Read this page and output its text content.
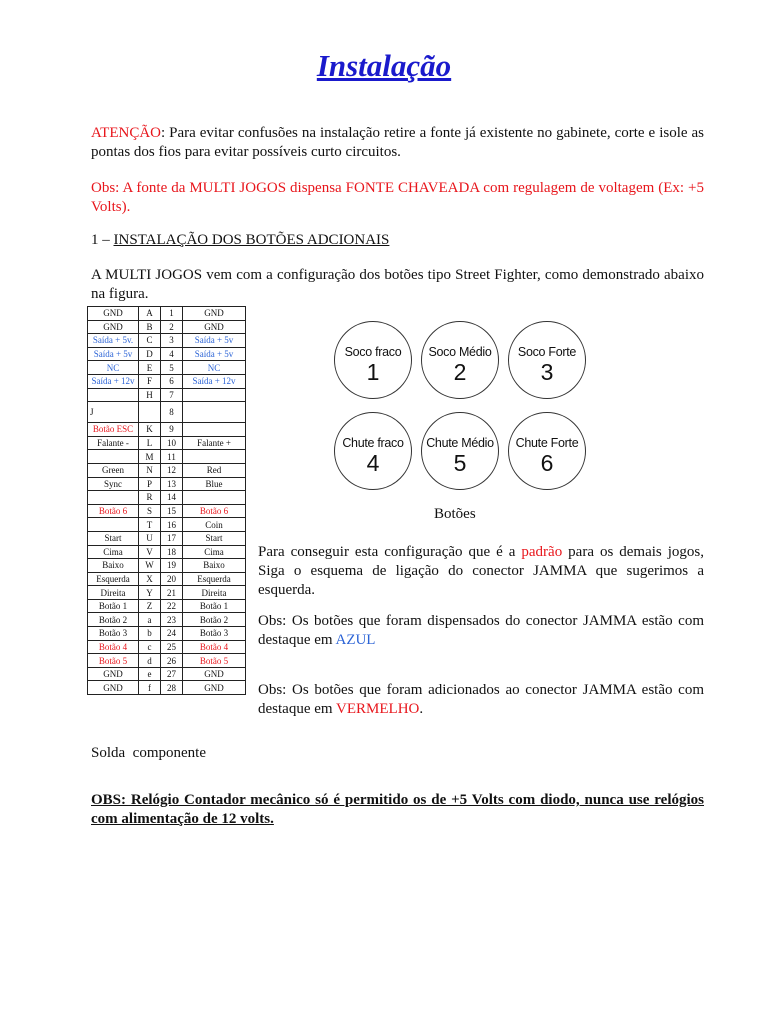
Instalação
ATENÇÃO: Para evitar confusões na instalação retire a fonte já existente no gabinete, corte e isole as pontas dos fios para evitar possíveis curto circuitos.
Obs: A fonte da MULTI JOGOS dispensa FONTE CHAVEADA com regulagem de voltagem (Ex: +5 Volts).
1 – INSTALAÇÃO DOS BOTÕES ADCIONAIS
A MULTI JOGOS vem com a configuração dos botões tipo Street Fighter, como demonstrado abaixo na figura.
GND	A	1	GND
GND	B	2	GND
Saída + 5v.	C	3	Saída + 5v
Saída + 5v	D	4	Saída + 5v
NC	E	5	NC
Saída + 12v	F	6	Saída + 12v
	H	7	
J		8	
Botão ESC	K	9	
Falante -	L	10	Falante +
	M	11	
Green	N	12	Red
Sync	P	13	Blue
	R	14	
Botão 6	S	15	Botão 6
	T	16	Coin
Start	U	17	Start
Cima	V	18	Cima
Baixo	W	19	Baixo
Esquerda	X	20	Esquerda
Direita	Y	21	Direita
Botão 1	Z	22	Botão 1
Botão 2	a	23	Botão 2
Botão 3	b	24	Botão 3
Botão 4	c	25	Botão 4
Botão 5	d	26	Botão 5
GND	e	27	GND
GND	f	28	GND
Soco fraco
1
Soco Médio
2
Soco Forte
3
Chute fraco
4
Chute Médio
5
Chute Forte
6
Botões
Para conseguir esta configuração que é a padrão para os demais jogos, Siga o esquema de ligação do conector JAMMA que sugerimos a esquerda.
Obs: Os botões que foram dispensados do conector JAMMA estão com destaque em AZUL
Obs: Os botões que foram adicionados ao conector JAMMA estão com destaque em VERMELHO.
Solda  componente
OBS: Relógio Contador mecânico só é permitido os de +5 Volts com diodo, nunca use relógios com alimentação de 12 volts.
